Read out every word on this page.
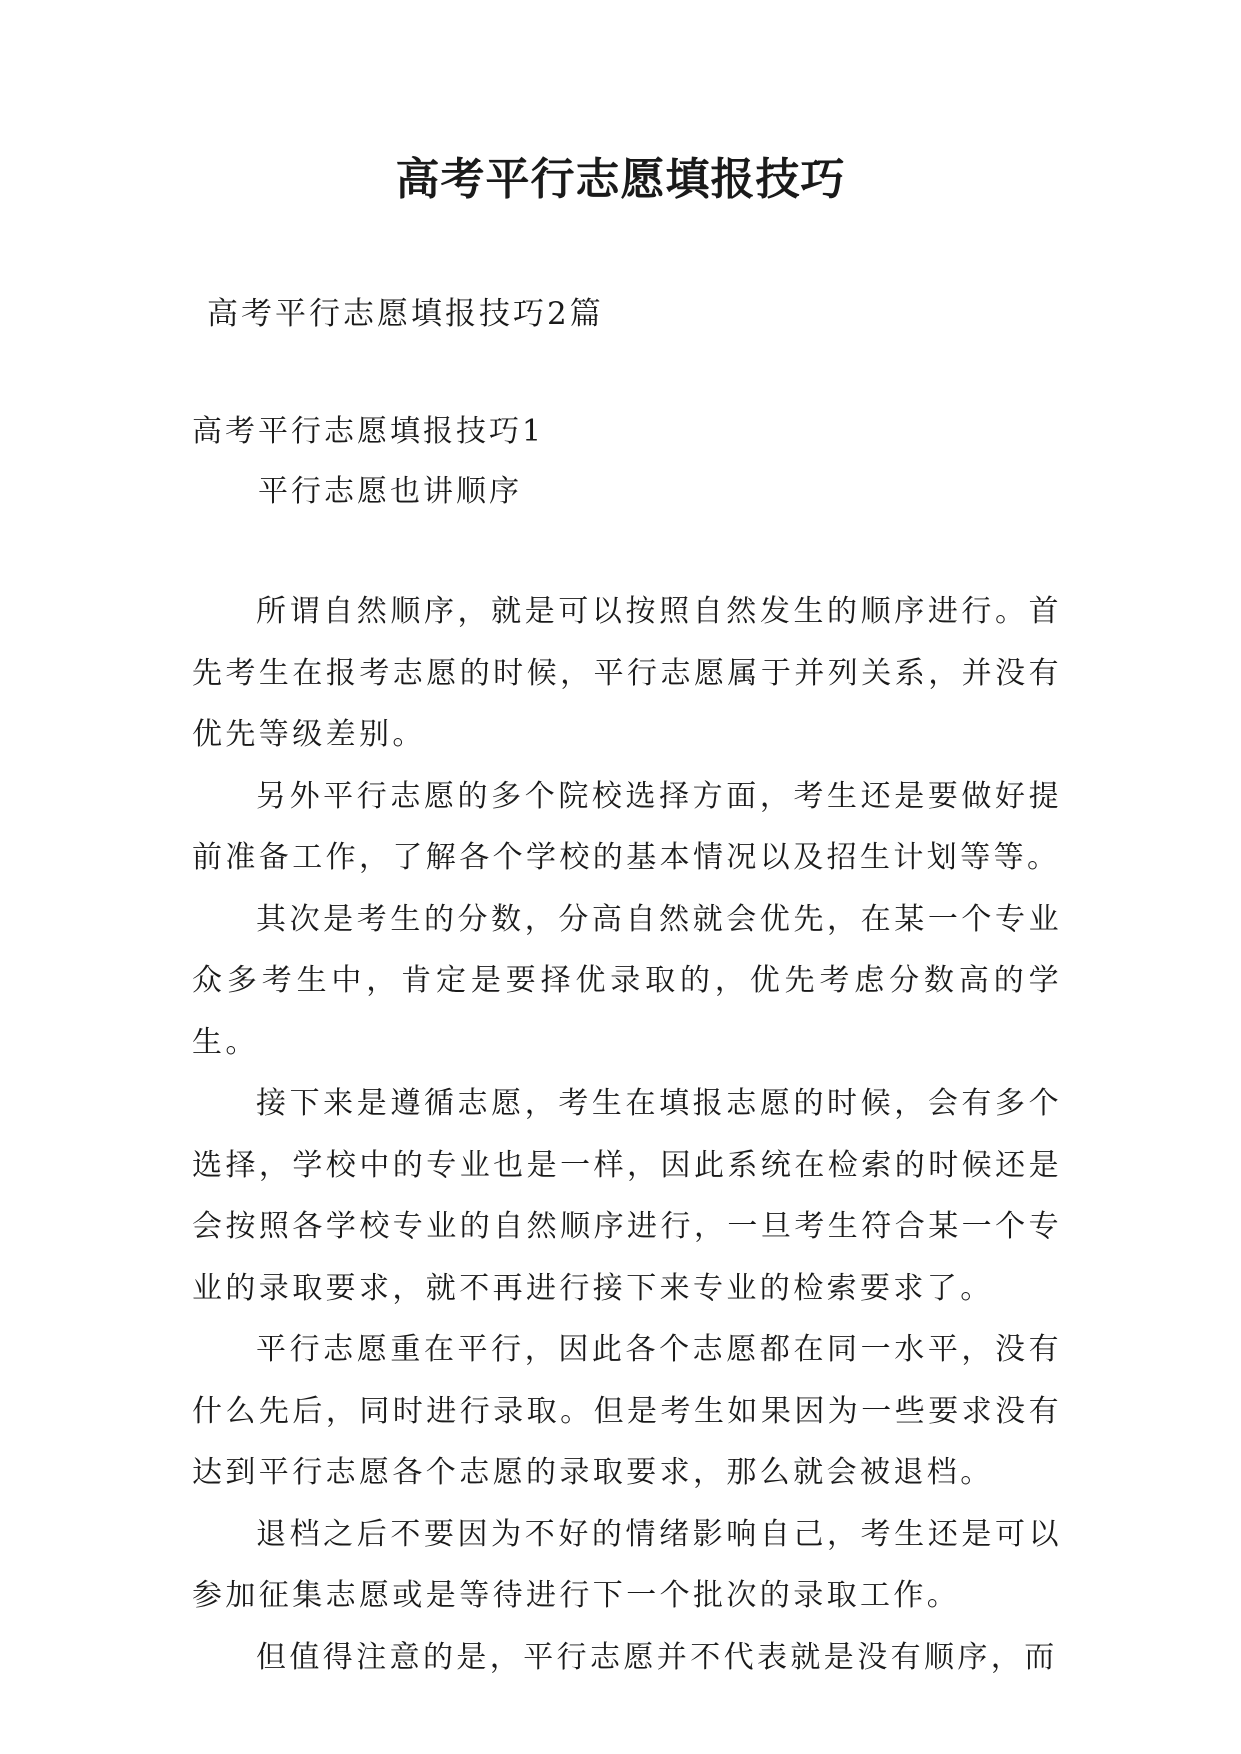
高考平行志愿填报技巧
高考平行志愿填报技巧2篇
高考平行志愿填报技巧1
平行志愿也讲顺序

所谓自然顺序，就是可以按照自然发生的顺序进行。首先考生在报考志愿的时候，平行志愿属于并列关系，并没有优先等级差别。

另外平行志愿的多个院校选择方面，考生还是要做好提前准备工作，了解各个学校的基本情况以及招生计划等等。

其次是考生的分数，分高自然就会优先，在某一个专业众多考生中，肯定是要择优录取的，优先考虑分数高的学生。

接下来是遵循志愿，考生在填报志愿的时候，会有多个选择，学校中的专业也是一样，因此系统在检索的时候还是会按照各学校专业的自然顺序进行，一旦考生符合某一个专业的录取要求，就不再进行接下来专业的检索要求了。

平行志愿重在平行，因此各个志愿都在同一水平，没有什么先后，同时进行录取。但是考生如果因为一些要求没有达到平行志愿各个志愿的录取要求，那么就会被退档。

退档之后不要因为不好的情绪影响自己，考生还是可以参加征集志愿或是等待进行下一个批次的录取工作。

但值得注意的是，平行志愿并不代表就是没有顺序，而
